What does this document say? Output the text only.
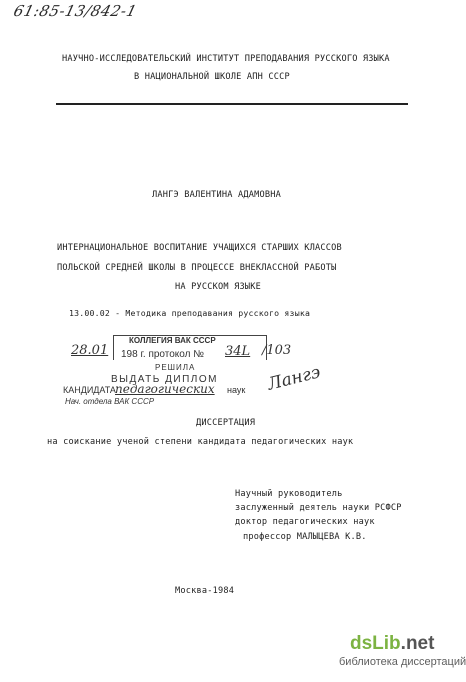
61:85-13/842-1
НАУЧНО-ИССЛЕДОВАТЕЛЬСКИЙ ИНСТИТУТ ПРЕПОДАВАНИЯ РУССКОГО ЯЗЫКА
В НАЦИОНАЛЬНОЙ ШКОЛЕ АПН СССР
ЛАНГЭ ВАЛЕНТИНА АДАМОВНА
ИНТЕРНАЦИОНАЛЬНОЕ ВОСПИТАНИЕ УЧАЩИХСЯ СТАРШИХ КЛАССОВ
ПОЛЬСКОЙ СРЕДНЕЙ ШКОЛЫ В ПРОЦЕССЕ ВНЕКЛАССНОЙ РАБОТЫ
НА РУССКОМ ЯЗЫКЕ
13.00.02 - Методика преподавания русского языка
28.01
КОЛЛЕГИЯ ВАК СССР
198 г. протокол № 34L
РЕШИЛА
ВЫДАТЬ ДИПЛОМ
КАНДИДАТА педагогических наук
Нач. отдела ВАК СССР
/103
Лангэ
ДИССЕРТАЦИЯ
на соискание ученой степени кандидата педагогических наук
Научный руководитель
заслуженный деятель науки РСФСР
доктор педагогических наук
профессор МАЛЫЦЕВА К.В.
Москва-1984
dsLib.net
библиотека диссертаций
